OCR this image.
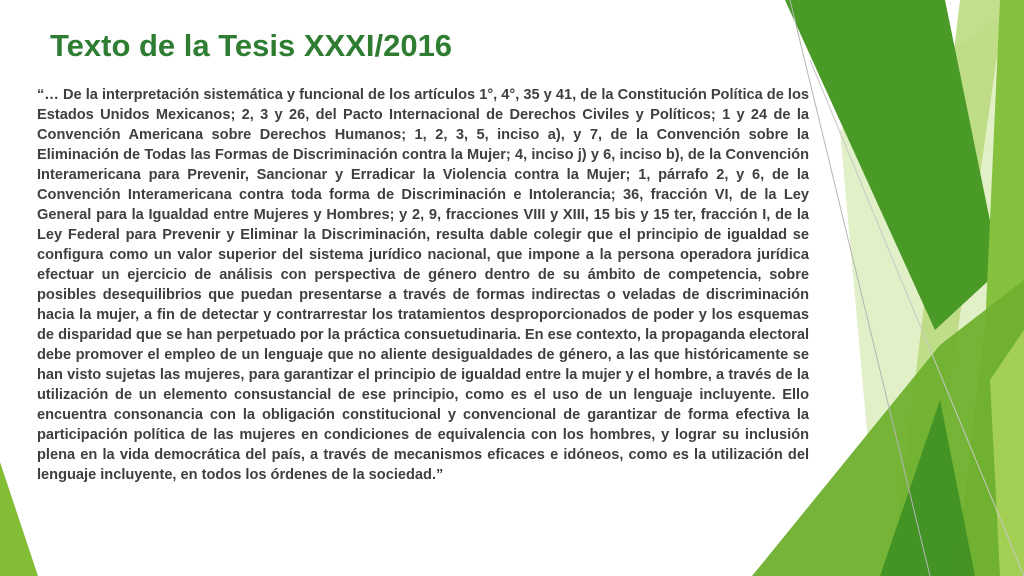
Texto de la Tesis XXXI/2016

“… De la interpretación sistemática y funcional de los artículos 1°, 4°, 35 y 41, de la Constitución Política de los Estados Unidos Mexicanos; 2, 3 y 26, del Pacto Internacional de Derechos Civiles y Políticos; 1 y 24 de la Convención Americana sobre Derechos Humanos; 1, 2, 3, 5, inciso a), y 7, de la Convención sobre la Eliminación de Todas las Formas de Discriminación contra la Mujer; 4, inciso j) y 6, inciso b), de la Convención Interamericana para Prevenir, Sancionar y Erradicar la Violencia contra la Mujer; 1, párrafo 2, y 6, de la Convención Interamericana contra toda forma de Discriminación e Intolerancia; 36, fracción VI, de la Ley General para la Igualdad entre Mujeres y Hombres; y 2, 9, fracciones VIII y XIII, 15 bis y 15 ter, fracción I, de la Ley Federal para Prevenir y Eliminar la Discriminación, resulta dable colegir que el principio de igualdad se configura como un valor superior del sistema jurídico nacional, que impone a la persona operadora jurídica efectuar un ejercicio de análisis con perspectiva de género dentro de su ámbito de competencia, sobre posibles desequilibrios que puedan presentarse a través de formas indirectas o veladas de discriminación hacia la mujer, a fin de detectar y contrarrestar los tratamientos desproporcionados de poder y los esquemas de disparidad que se han perpetuado por la práctica consuetudinaria. En ese contexto, la propaganda electoral debe promover el empleo de un lenguaje que no aliente desigualdades de género, a las que históricamente se han visto sujetas las mujeres, para garantizar el principio de igualdad entre la mujer y el hombre, a través de la utilización de un elemento consustancial de ese principio, como es el uso de un lenguaje incluyente. Ello encuentra consonancia con la obligación constitucional y convencional de garantizar de forma efectiva la participación política de las mujeres en condiciones de equivalencia con los hombres, y lograr su inclusión plena en la vida democrática del país, a través de mecanismos eficaces e idóneos, como es la utilización del lenguaje incluyente, en todos los órdenes de la sociedad.”
